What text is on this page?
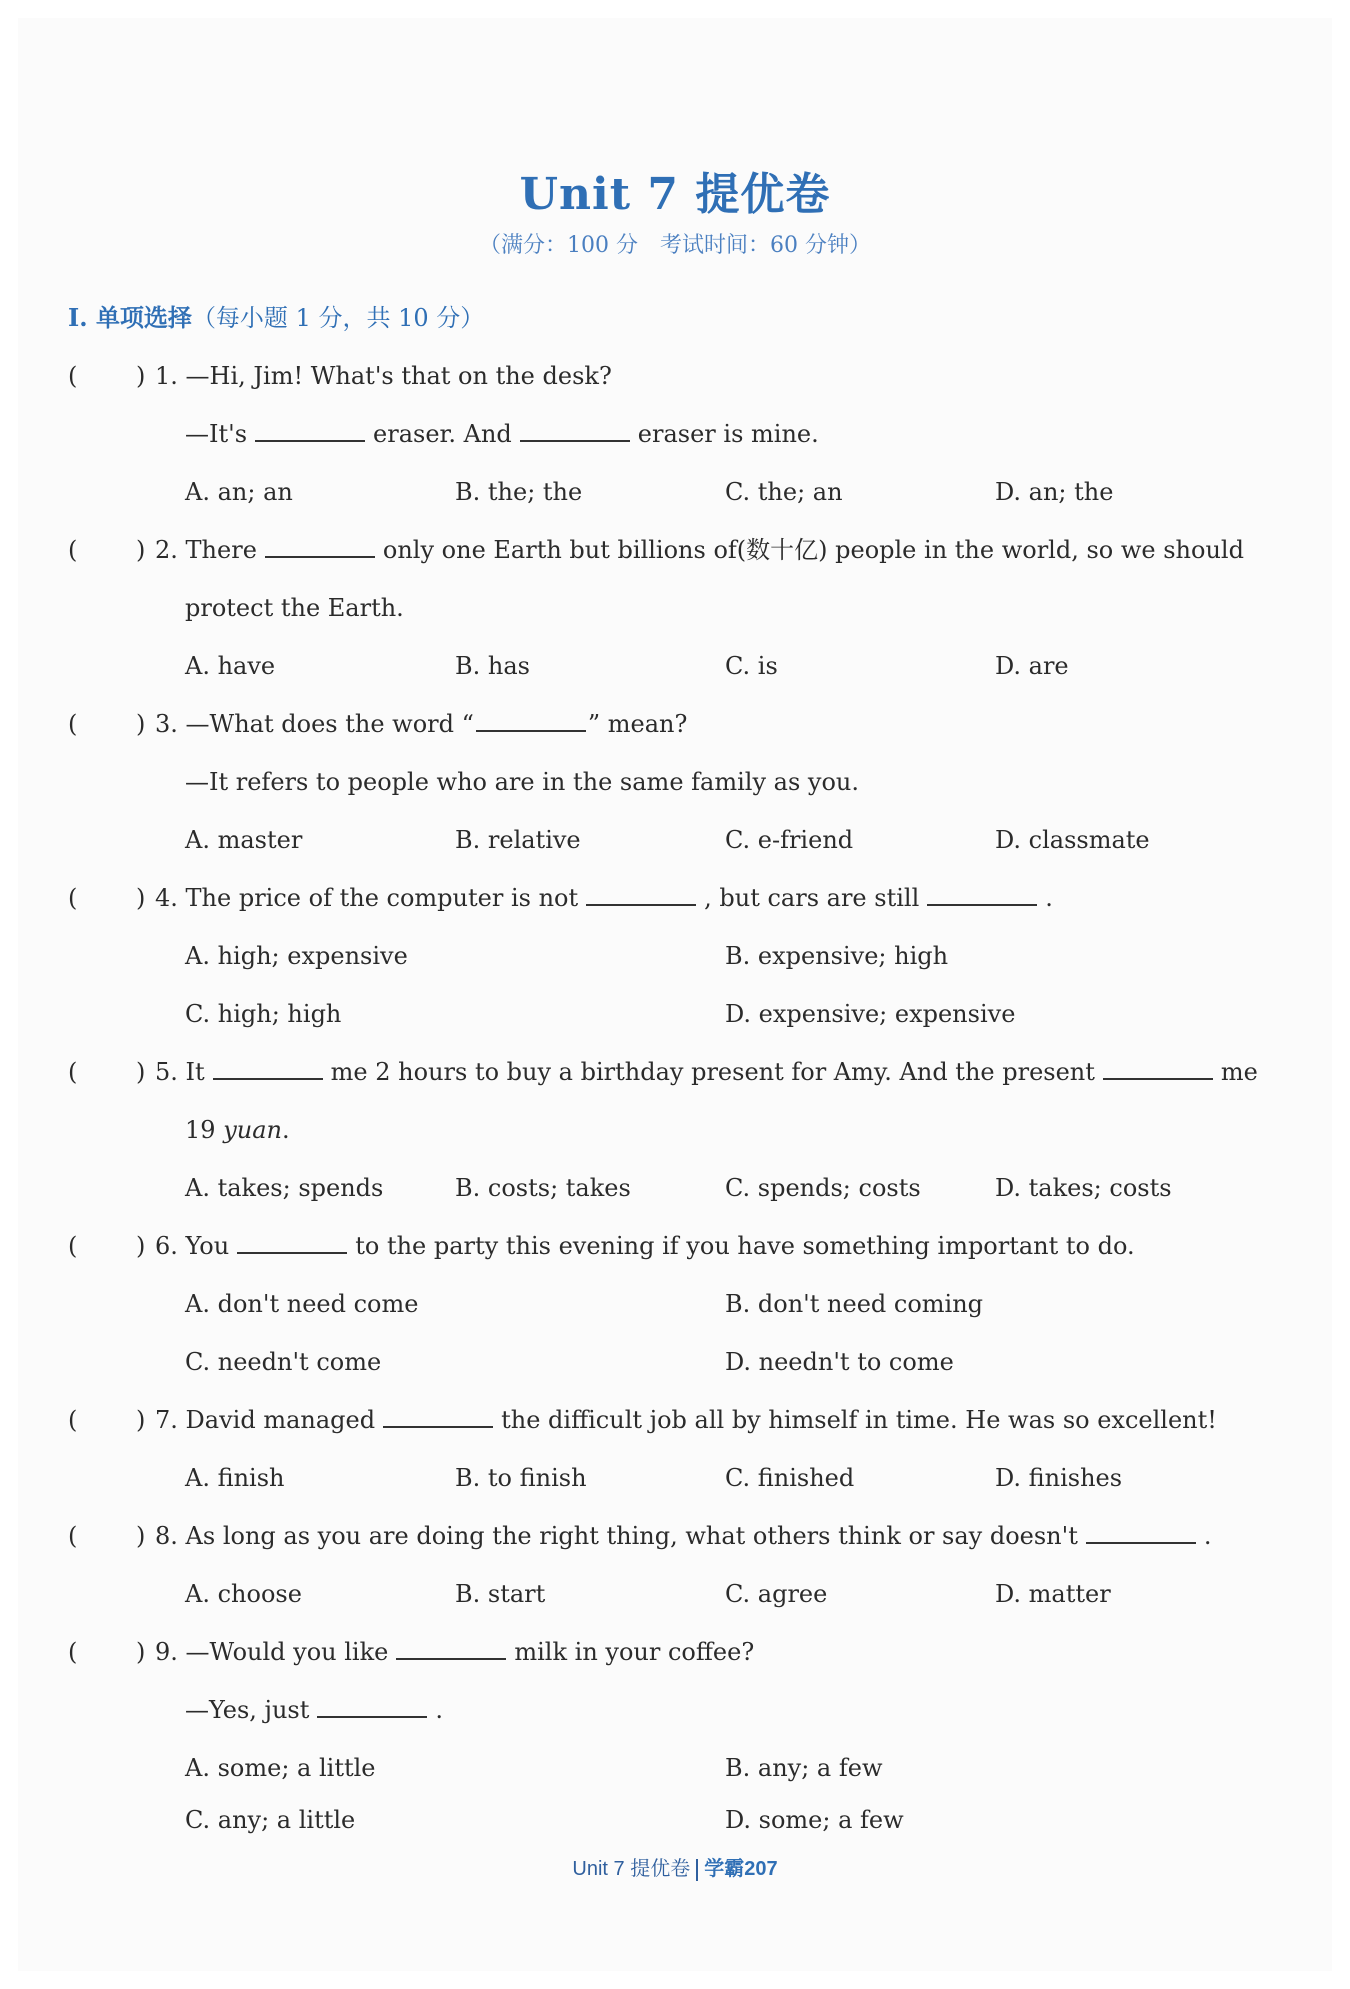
Unit 7 提优卷
（满分：100 分　考试时间：60 分钟）
Ⅰ. 单项选择（每小题 1 分，共 10 分）
( ) 1. —Hi, Jim! What's that on the desk?
—It's	eraser. And	eraser is mine.
A. an; an	B. the; the	C. the; an	D. an; the
( ) 2. There	only one Earth but billions of(数十亿) people in the world, so we should
protect the Earth.
A. have	B. has	C. is	D. are
( ) 3. —What does the word “	” mean?
—It refers to people who are in the same family as you.
A. master	B. relative	C. e-friend	D. classmate
( ) 4. The price of the computer is not	, but cars are still	.
A. high; expensive	B. expensive; high
C. high; high	D. expensive; expensive
( ) 5. It	me 2 hours to buy a birthday present for Amy. And the present	me
19 yuan.
A. takes; spends	B. costs; takes	C. spends; costs	D. takes; costs
( ) 6. You	to the party this evening if you have something important to do.
A. don't need come	B. don't need coming
C. needn't come	D. needn't to come
( ) 7. David managed	the difficult job all by himself in time. He was so excellent!
A. finish	B. to finish	C. finished	D. finishes
( ) 8. As long as you are doing the right thing, what others think or say doesn't	.
A. choose	B. start	C. agree	D. matter
( ) 9. —Would you like	milk in your coffee?
—Yes, just	.
A. some; a little	B. any; a few
C. any; a little	D. some; a few
Unit 7 提优卷 学霸207
